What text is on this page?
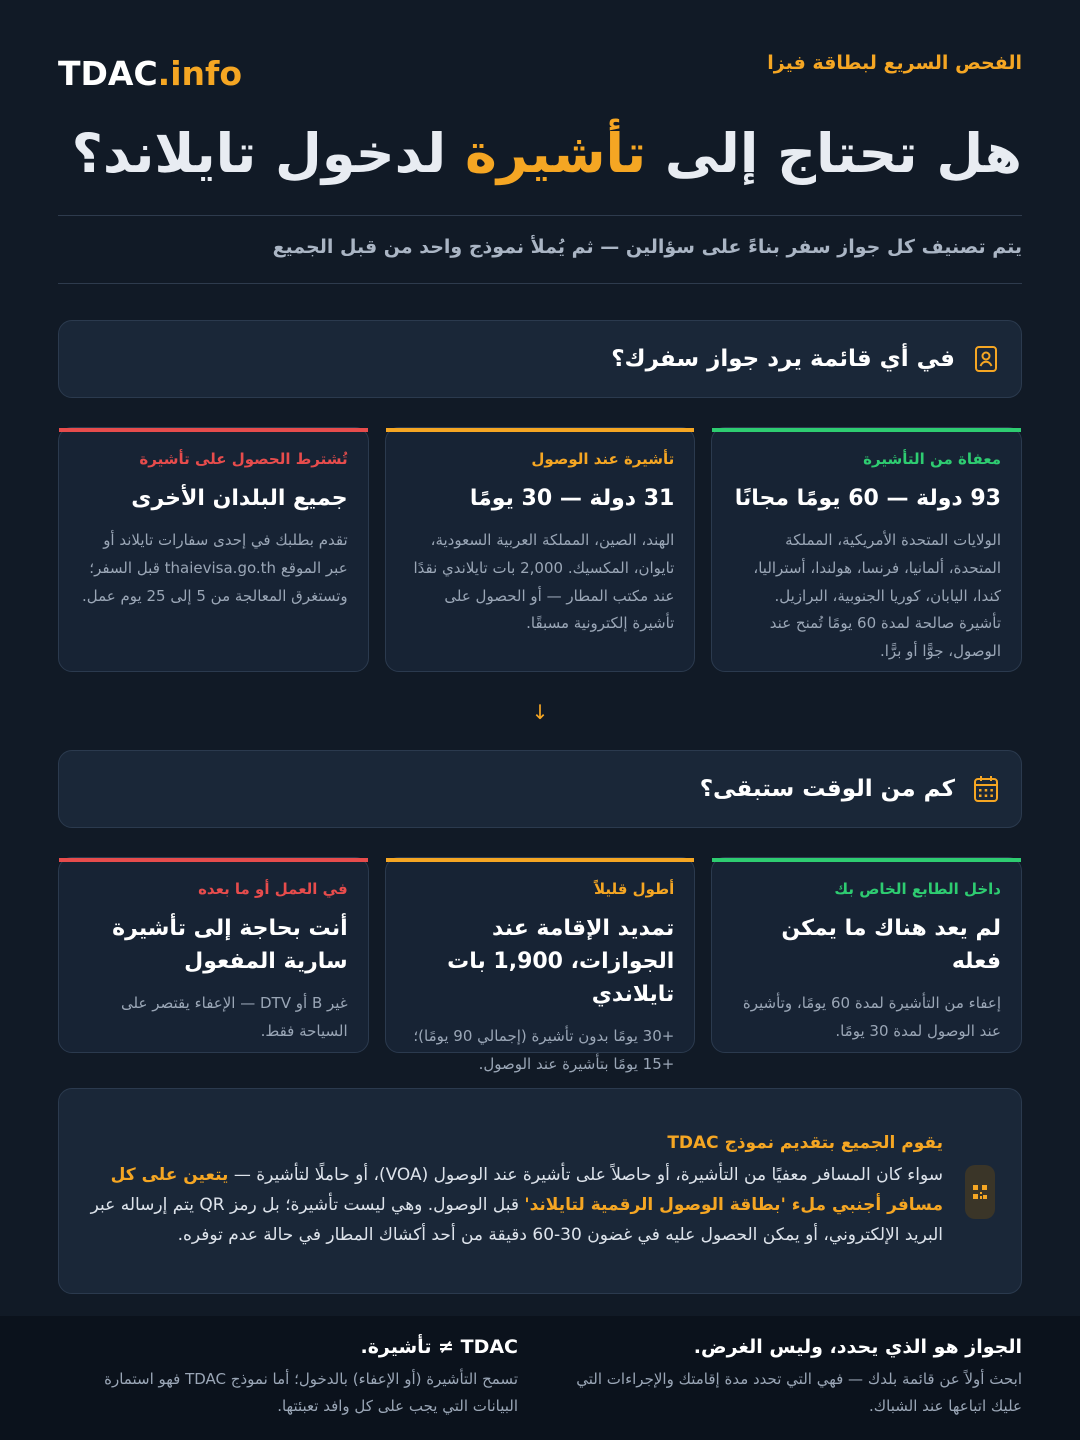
الفحص السريع لبطاقة فيزا
TDAC.info
هل تحتاج إلى تأشيرة لدخول تايلاند؟
يتم تصنيف كل جواز سفر بناءً على سؤالين — ثم يُملأ نموذج واحد من قبل الجميع
في أي قائمة يرد جواز سفرك؟
معفاة من التأشيرة
93 دولة — 60 يومًا مجانًا
الولايات المتحدة الأمريكية، المملكة المتحدة، ألمانيا، فرنسا، هولندا، أستراليا، كندا، اليابان، كوريا الجنوبية، البرازيل. تأشيرة صالحة لمدة 60 يومًا تُمنح عند الوصول، جوًّا أو برًّا.
تأشيرة عند الوصول
31 دولة — 30 يومًا
الهند، الصين، المملكة العربية السعودية، تايوان، المكسيك. 2,000 بات تايلاندي نقدًا عند مكتب المطار — أو الحصول على تأشيرة إلكترونية مسبقًا.
تُشترط الحصول على تأشيرة
جميع البلدان الأخرى
تقدم بطلبك في إحدى سفارات تايلاند أو عبر الموقع thaievisa.go.th قبل السفر؛ وتستغرق المعالجة من 5 إلى 25 يوم عمل.
↓
كم من الوقت ستبقى؟
داخل الطابع الخاص بك
لم يعد هناك ما يمكن فعله
إعفاء من التأشيرة لمدة 60 يومًا، وتأشيرة عند الوصول لمدة 30 يومًا.
أطول قليلاً
تمديد الإقامة عند الجوازات، 1,900 بات تايلاندي
+30 يومًا بدون تأشيرة (إجمالي 90 يومًا)؛ +15 يومًا بتأشيرة عند الوصول.
في العمل أو ما بعده
أنت بحاجة إلى تأشيرة سارية المفعول
غير B أو DTV — الإعفاء يقتصر على السياحة فقط.
يقوم الجميع بتقديم نموذج TDAC
سواء كان المسافر معفيًا من التأشيرة، أو حاصلاً على تأشيرة عند الوصول (VOA)، أو حاملًا لتأشيرة — يتعين على كل مسافر أجنبي ملء 'بطاقة الوصول الرقمية لتايلاند' قبل الوصول. وهي ليست تأشيرة؛ بل رمز QR يتم إرساله عبر البريد الإلكتروني، أو يمكن الحصول عليه في غضون 30-60 دقيقة من أحد أكشاك المطار في حالة عدم توفره.
الجواز هو الذي يحدد، وليس الغرض.
ابحث أولاً عن قائمة بلدك — فهي التي تحدد مدة إقامتك والإجراءات التي عليك اتباعها عند الشباك.
TDAC ≠ تأشيرة.
تسمح التأشيرة (أو الإعفاء) بالدخول؛ أما نموذج TDAC فهو استمارة البيانات التي يجب على كل وافد تعبئتها.
